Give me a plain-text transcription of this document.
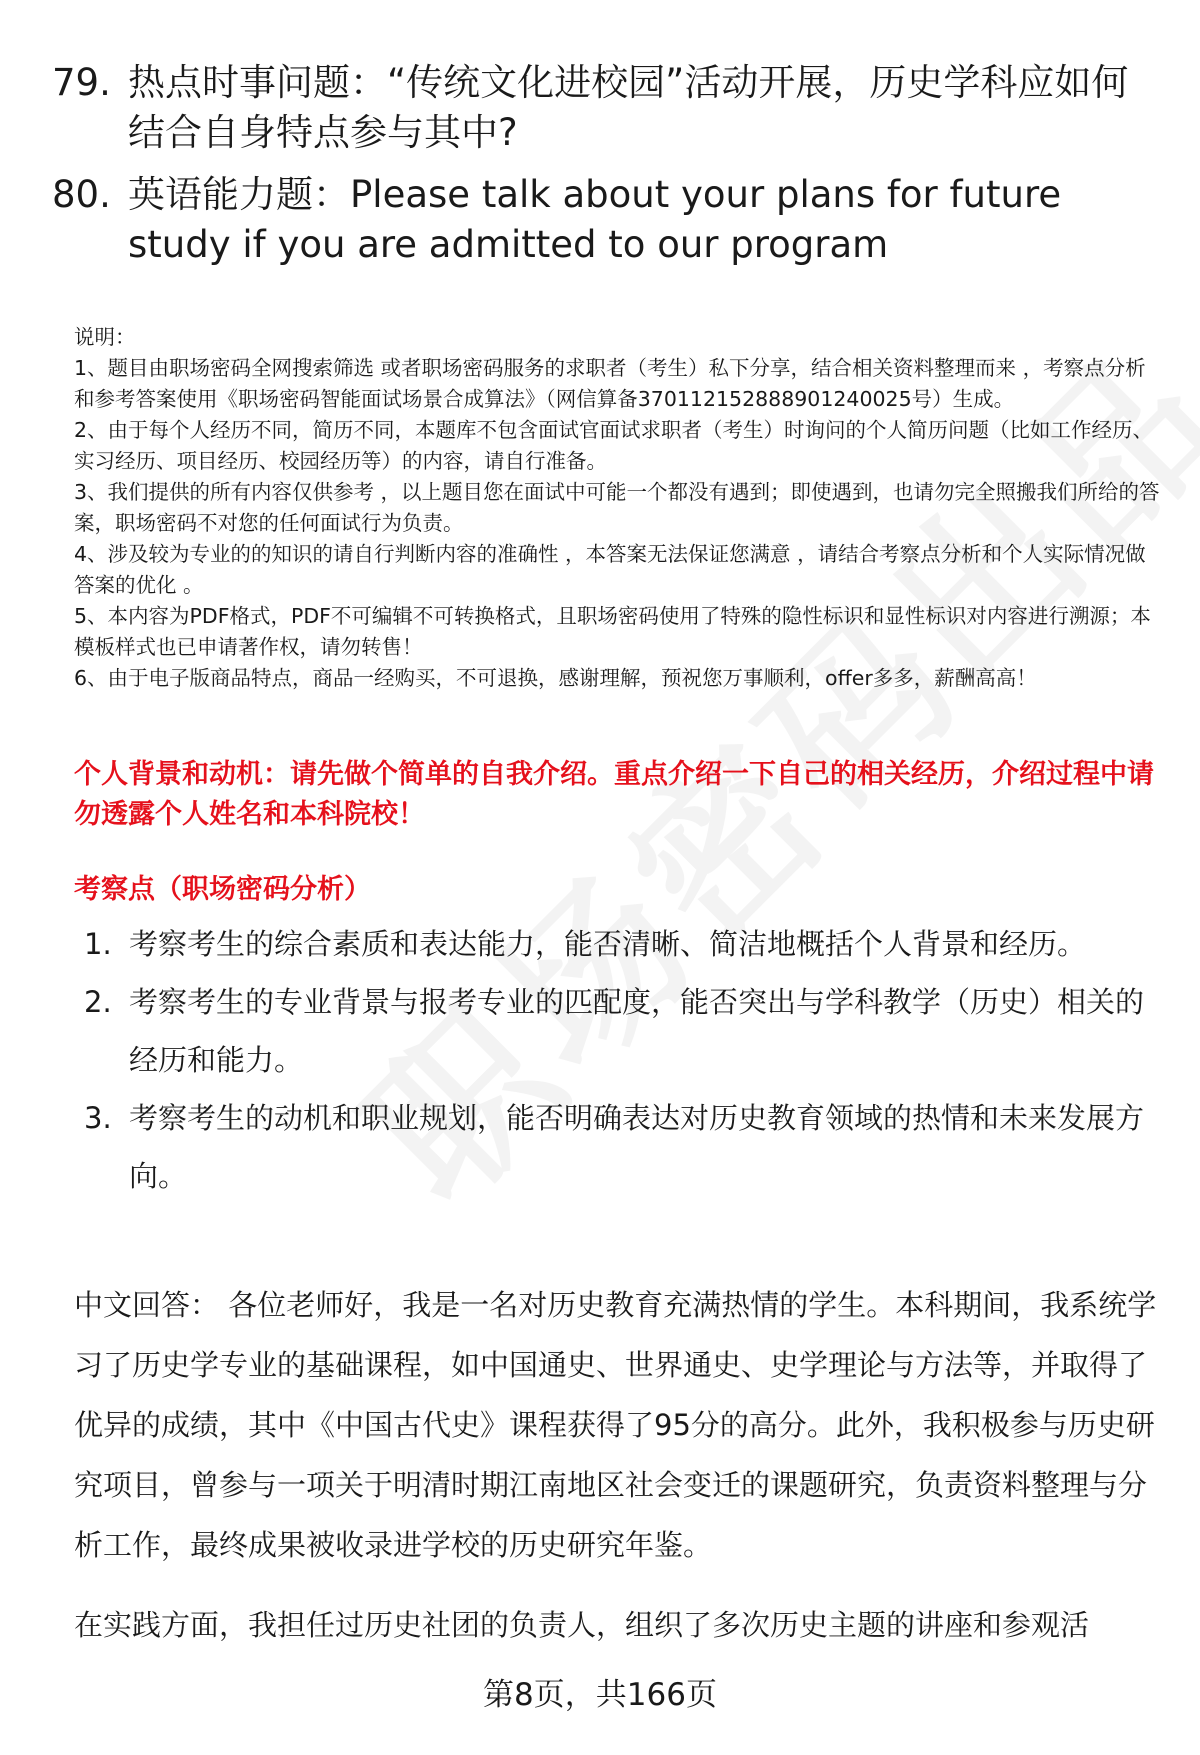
79. 热点时事问题：“传统文化进校园”活动开展，历史学科应如何结合自身特点参与其中?
80. 英语能力题：Please talk about your plans for future study if you are admitted to our program

说明：

1、题目由职场密码全网搜索筛选 或者职场密码服务的求职者（考生）私下分享，结合相关资料整理而来 ，考察点分析和参考答案使用《职场密码智能面试场景合成算法》（网信算备370112152888901240025号）生成。

2、由于每个人经历不同，简历不同，本题库不包含面试官面试求职者（考生）时询问的个人简历问题（比如工作经历、实习经历、项目经历、校园经历等）的内容，请自行准备。

3、我们提供的所有内容仅供参考 ，以上题目您在面试中可能一个都没有遇到；即使遇到，也请勿完全照搬我们所给的答案，职场密码不对您的任何面试行为负责。

4、涉及较为专业的的知识的请自行判断内容的准确性 ，本答案无法保证您满意 ，请结合考察点分析和个人实际情况做答案的优化 。

5、本内容为PDF格式，PDF不可编辑不可转换格式，且职场密码使用了特殊的隐性标识和显性标识对内容进行溯源；本模板样式也已申请著作权，请勿转售！

6、由于电子版商品特点，商品一经购买，不可退换，感谢理解，预祝您万事顺利，offer多多，薪酬高高！

个人背景和动机：请先做个简单的自我介绍。重点介绍一下自己的相关经历，介绍过程中请勿透露个人姓名和本科院校！
考察点（职场密码分析）
1. 考察考生的综合素质和表达能力，能否清晰、简洁地概括个人背景和经历。
2. 考察考生的专业背景与报考专业的匹配度，能否突出与学科教学（历史）相关的经历和能力。
3. 考察考生的动机和职业规划，能否明确表达对历史教育领域的热情和未来发展方向。

中文回答： 各位老师好，我是一名对历史教育充满热情的学生。本科期间，我系统学习了历史学专业的基础课程，如中国通史、世界通史、史学理论与方法等，并取得了优异的成绩，其中《中国古代史》课程获得了95分的高分。此外，我积极参与历史研究项目，曾参与一项关于明清时期江南地区社会变迁的课题研究，负责资料整理与分析工作，最终成果被收录进学校的历史研究年鉴。

在实践方面，我担任过历史社团的负责人，组织了多次历史主题的讲座和参观活

第8页，共166页
